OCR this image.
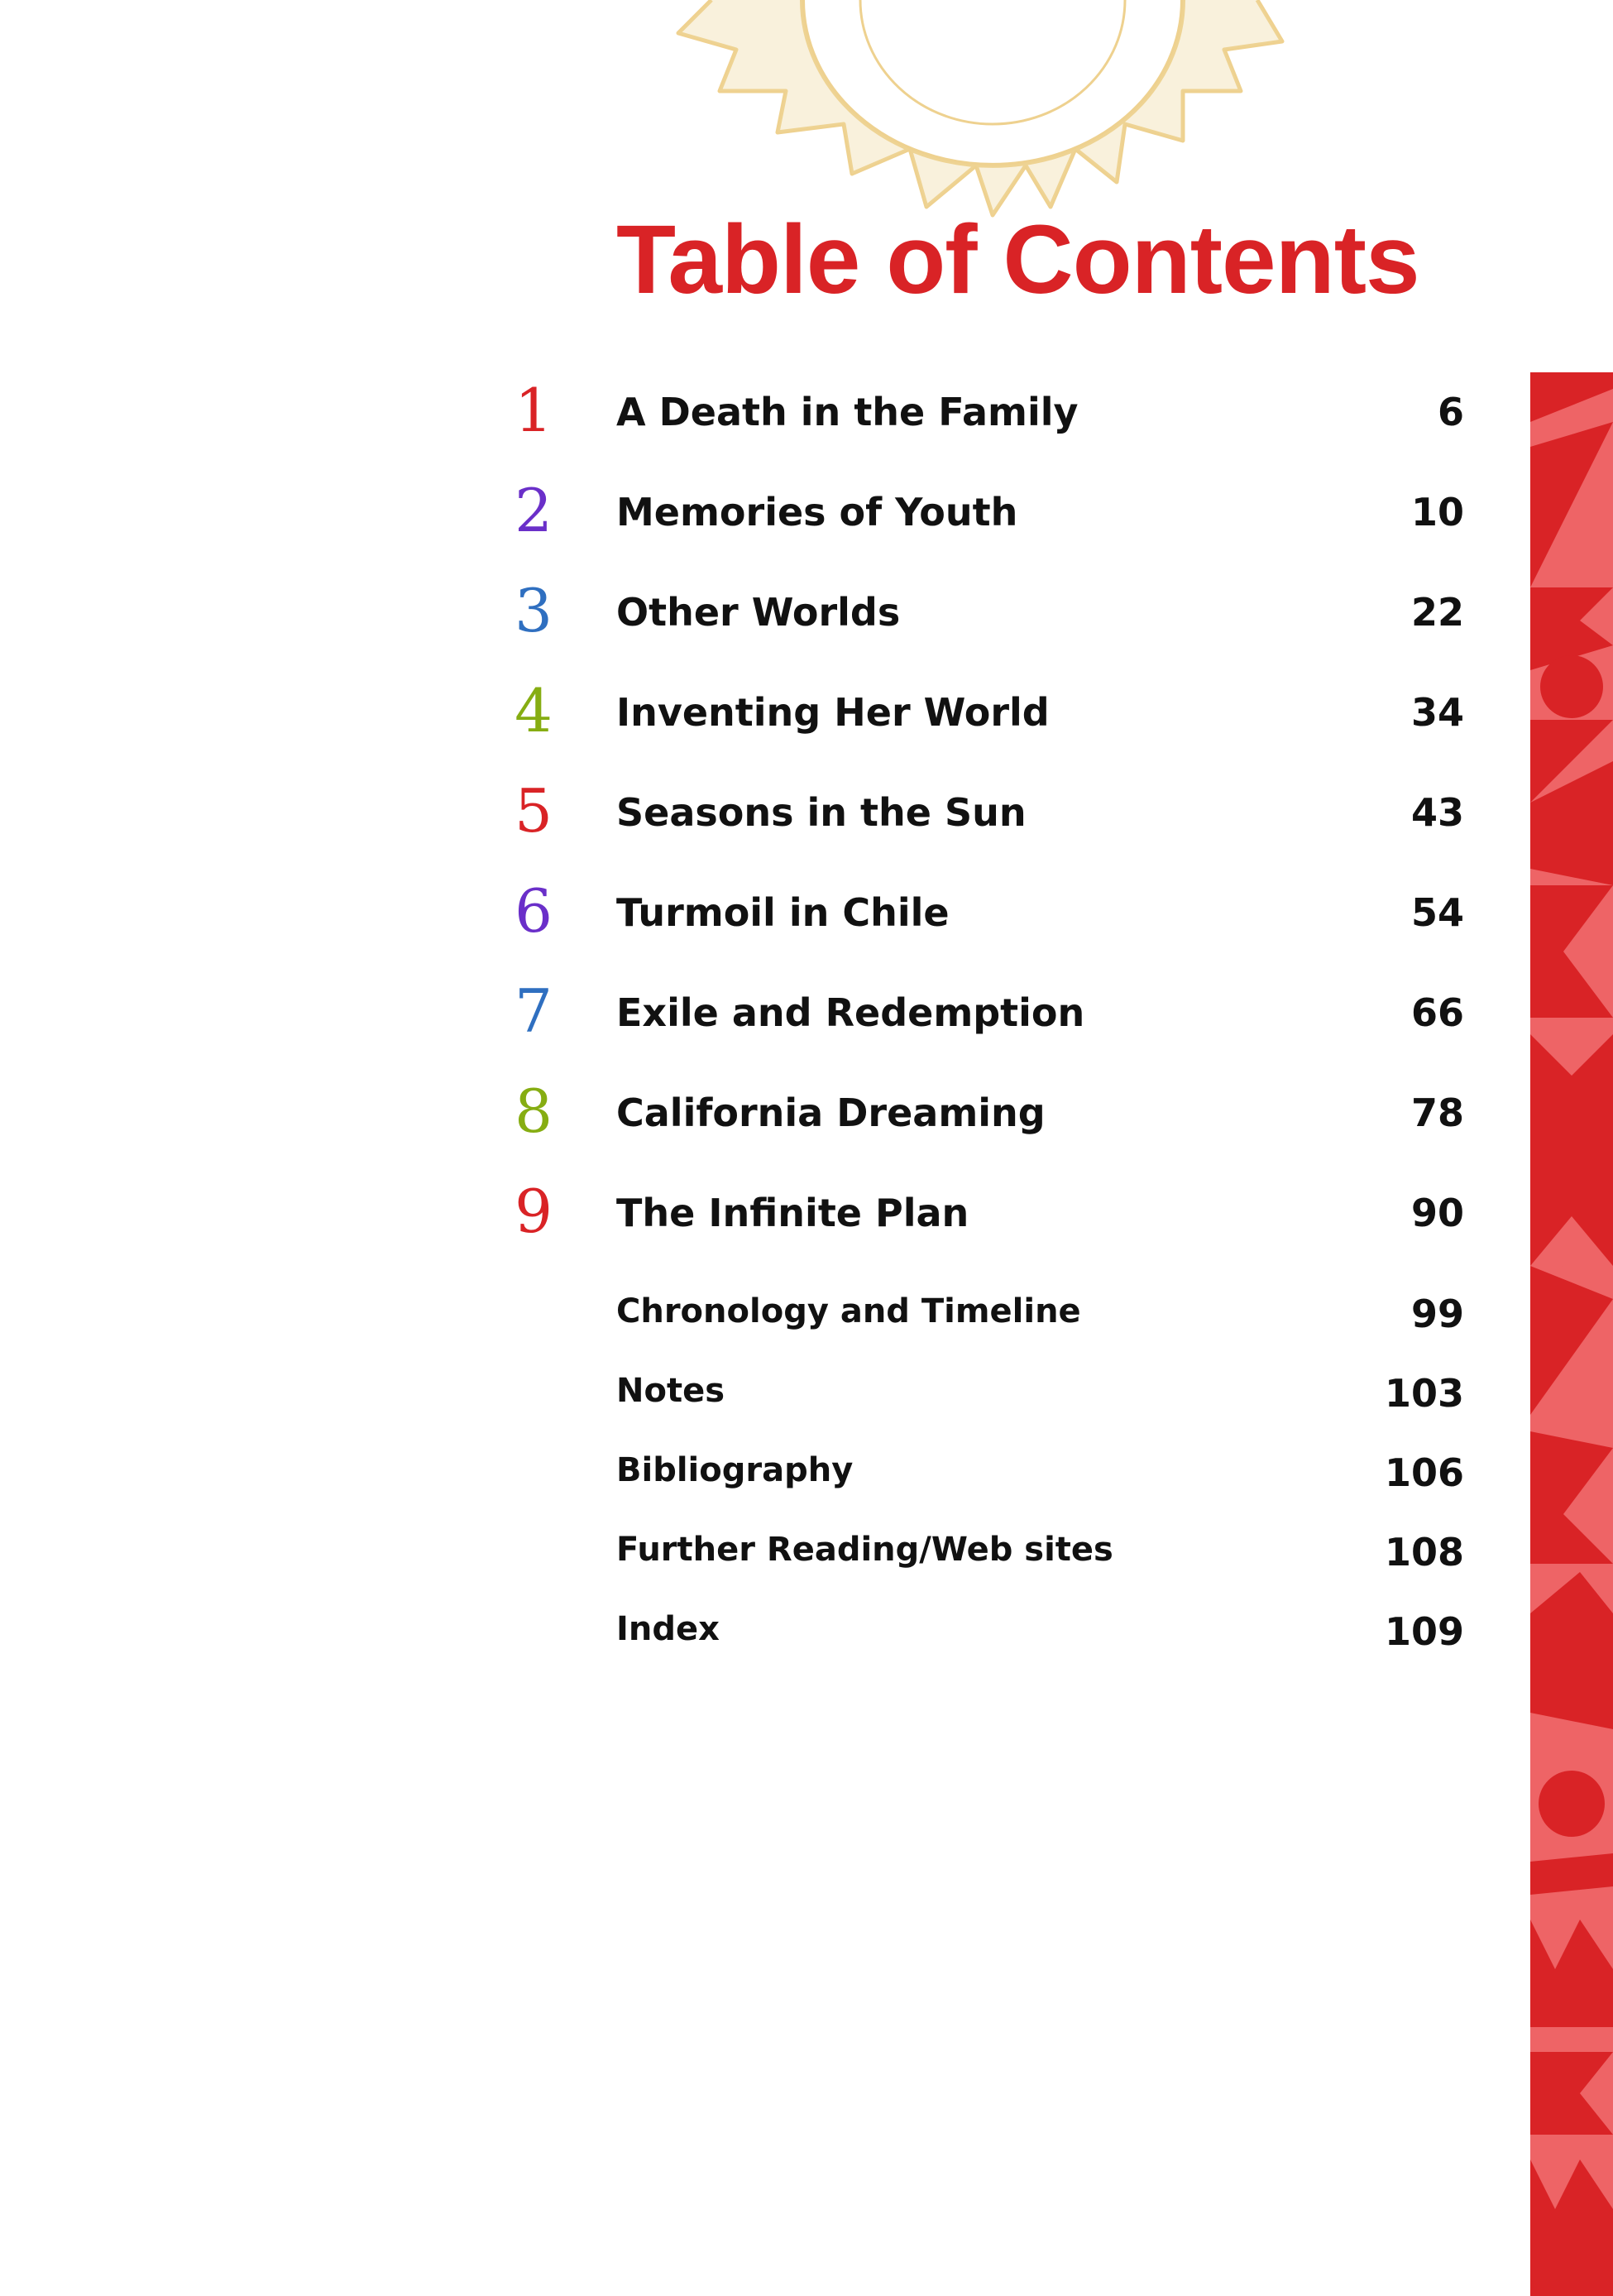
Table of Contents
1 A Death in the Family	6
2 Memories of Youth	10
3 Other Worlds	22
4 Inventing Her World	34
5 Seasons in the Sun	43
6 Turmoil in Chile	54
7 Exile and Redemption	66
8 California Dreaming	78
9 The Infinite Plan	90
Chronology and Timeline	99
Notes	103
Bibliography	106
Further Reading/Web sites	108
Index	109
